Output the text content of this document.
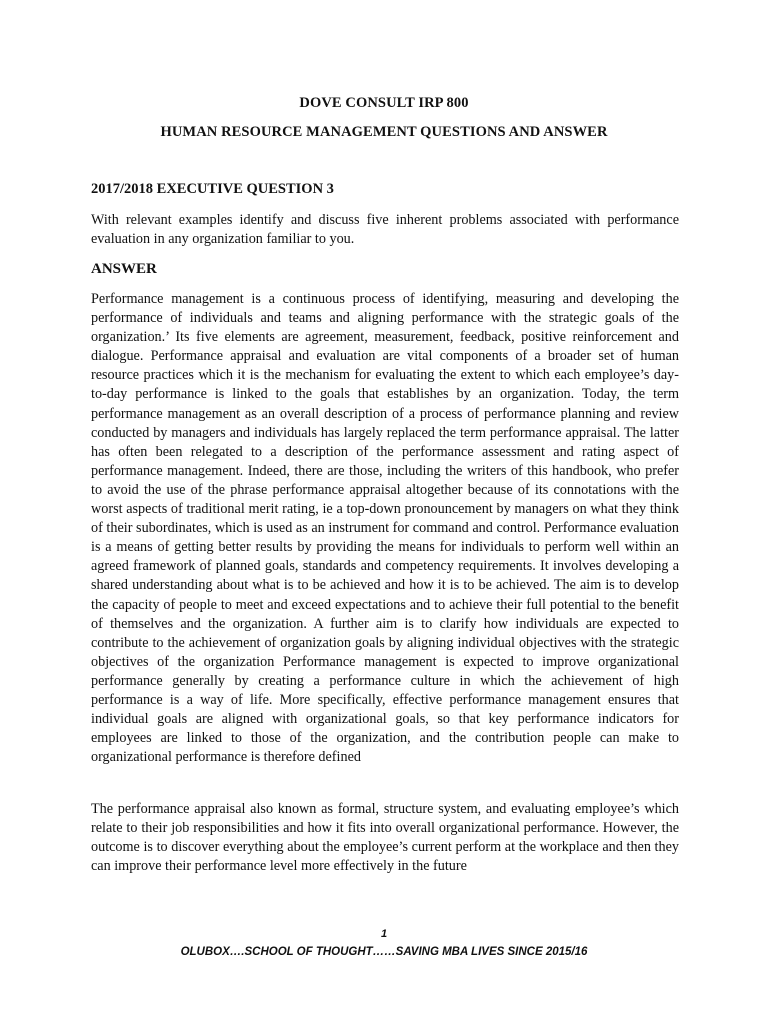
DOVE CONSULT IRP 800
HUMAN RESOURCE MANAGEMENT QUESTIONS AND ANSWER
2017/2018 EXECUTIVE QUESTION 3

With relevant examples identify and discuss five inherent problems associated with performance evaluation in any organization familiar to you.

ANSWER

Performance management is a continuous process of identifying, measuring and developing the performance of individuals and teams and aligning performance with the strategic goals of the organization.’ Its five elements are agreement, measurement, feedback, positive reinforcement and dialogue. Performance appraisal and evaluation are vital components of a broader set of human resource practices which it is the mechanism for evaluating the extent to which each employee’s day-to-day performance is linked to the goals that establishes by an organization. Today, the term performance management as an overall description of a process of performance planning and review conducted by managers and individuals has largely replaced the term performance appraisal. The latter has often been relegated to a description of the performance assessment and rating aspect of performance management. Indeed, there are those, including the writers of this handbook, who prefer to avoid the use of the phrase performance appraisal altogether because of its connotations with the worst aspects of traditional merit rating, ie a top-down pronouncement by managers on what they think of their subordinates, which is used as an instrument for command and control. Performance evaluation is a means of getting better results by providing the means for individuals to perform well within an agreed framework of planned goals, standards and competency requirements. It involves developing a shared understanding about what is to be achieved and how it is to be achieved. The aim is to develop the capacity of people to meet and exceed expectations and to achieve their full potential to the benefit of themselves and the organization. A further aim is to clarify how individuals are expected to contribute to the achievement of organization goals by aligning individual objectives with the strategic objectives of the organization Performance management is expected to improve organizational performance generally by creating a performance culture in which the achievement of high performance is a way of life. More specifically, effective performance management ensures that individual goals are aligned with organizational goals, so that key performance indicators for employees are linked to those of the organization, and the contribution people can make to organizational performance is therefore defined

The performance appraisal also known as formal, structure system, and evaluating employee’s which relate to their job responsibilities and how it fits into overall organizational performance. However, the outcome is to discover everything about the employee’s current perform at the workplace and then they can improve their performance level more effectively in the future

1
OLUBOX….SCHOOL OF THOUGHT……SAVING MBA LIVES SINCE 2015/16
